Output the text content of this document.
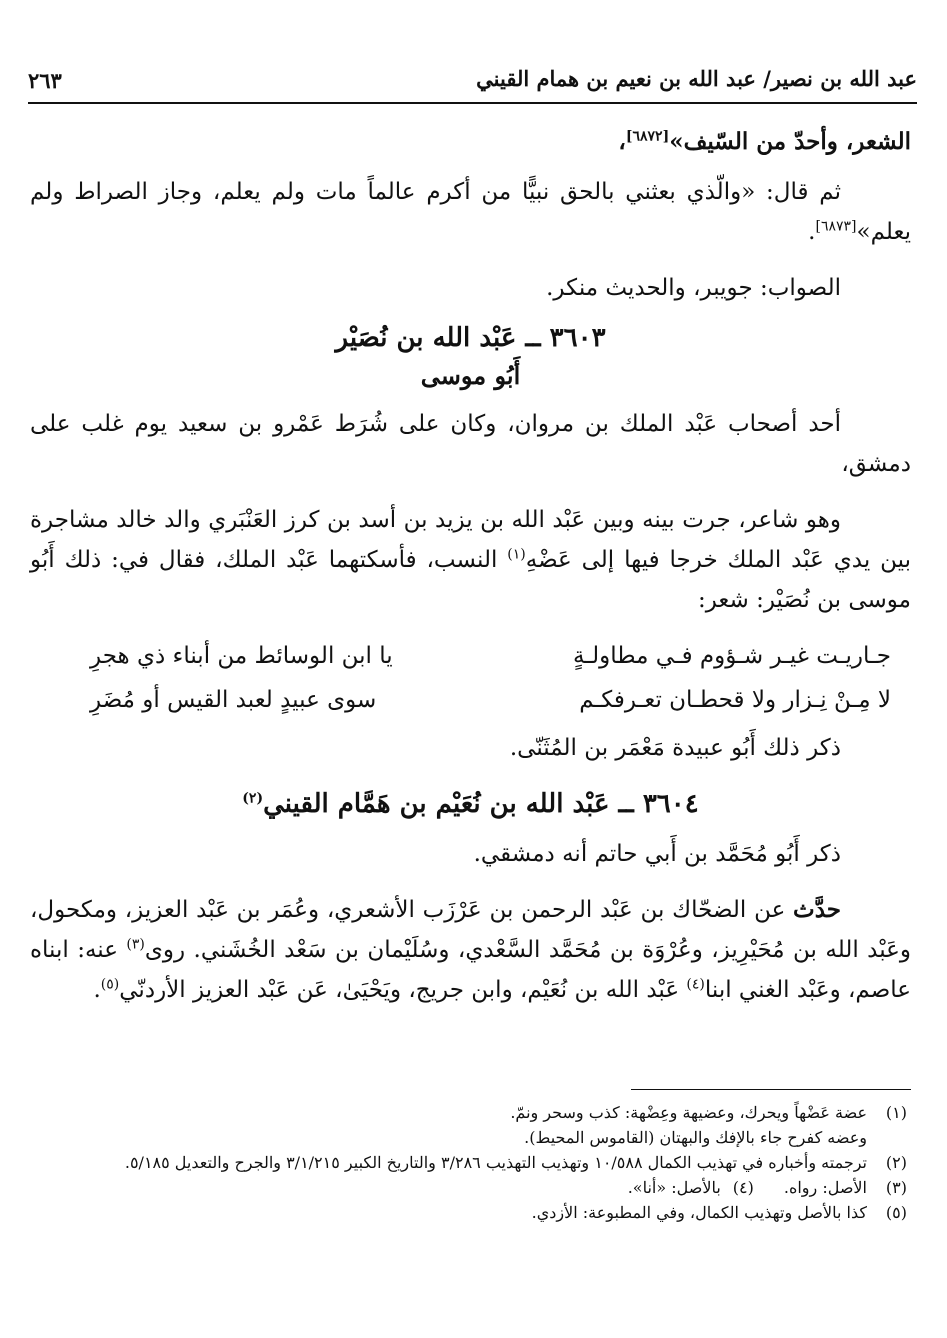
عبد الله بن نصير/ عبد الله بن نعيم بن همام القيني
٢٦٣

الشعر، وأحدّ من السّيف»[٦٨٧٢]،

ثم قال: «والّذي بعثني بالحق نبيًّا من أكرم عالماً مات ولم يعلم، وجاز الصراط ولم يعلم»[٦٨٧٣].

الصواب: جويبر، والحديث منكر.

٣٦٠٣ ــ عَبْد الله بن نُصَيْر
أَبُو موسى

أحد أصحاب عَبْد الملك بن مروان، وكان على شُرَط عَمْرو بن سعيد يوم غلب على دمشق،

وهو شاعر، جرت بينه وبين عَبْد الله بن يزيد بن أسد بن كرز العَنْبَري والد خالد مشاجرة بين يدي عَبْد الملك خرجا فيها إلى عَضْهِ$^{(١)}$ النسب، فأسكتهما عَبْد الملك، فقال في: ذلك أَبُو موسى بن نُصَيْر: شعر:

جـاريـت غيـر شـؤوم فـي مطاولـةٍ
يا ابن الوسائط من أبناء ذي هجرِ
لا مِـنْ نِـزار ولا قحطـان تعـرفكـم
سوى عبيدٍ لعبد القيس أو مُضَرِ

ذكر ذلك أَبُو عبيدة مَعْمَر بن المُثَنّى.

٣٦٠٤ ــ عَبْد الله بن نُعَيْم بن هَمَّام القيني$^{(٢)}$

ذكر أَبُو مُحَمَّد بن أَبي حاتم أنه دمشقي.

حدَّث عن الضحّاك بن عَبْد الرحمن بن عَرْزَب الأشعري، وعُمَر بن عَبْد العزيز، ومكحول، وعَبْد الله بن مُحَيْرِيز، وعُرْوَة بن مُحَمَّد السَّعْدي، وسُلَيْمان بن سَعْد الخُشَني. روى$^{(٣)}$ عنه: ابناه عاصم، وعَبْد الغني ابنا$^{(٤)}$ عَبْد الله بن نُعَيْم، وابن جريج، ويَحْيَىٰ، عَن عَبْد العزيز الأردنّي$^{(٥)}$.

(١)
عضة عَضْهاً ويحرك، وعضيهة وعِضْهة: كذب وسحر ونمّ.
وعضه كفرح جاء بالإفك والبهتان (القاموس المحيط).
(٢)
ترجمته وأخباره في تهذيب الكمال ١٠/٥٨٨ وتهذيب التهذيب ٣/٢٨٦ والتاريخ الكبير ٣/١/٢١٥ والجرح والتعديل ٥/١٨٥.
(٣)
الأصل: رواه.
(٤)
بالأصل: «أنا».
(٥)
كذا بالأصل وتهذيب الكمال، وفي المطبوعة: الأزدي.
